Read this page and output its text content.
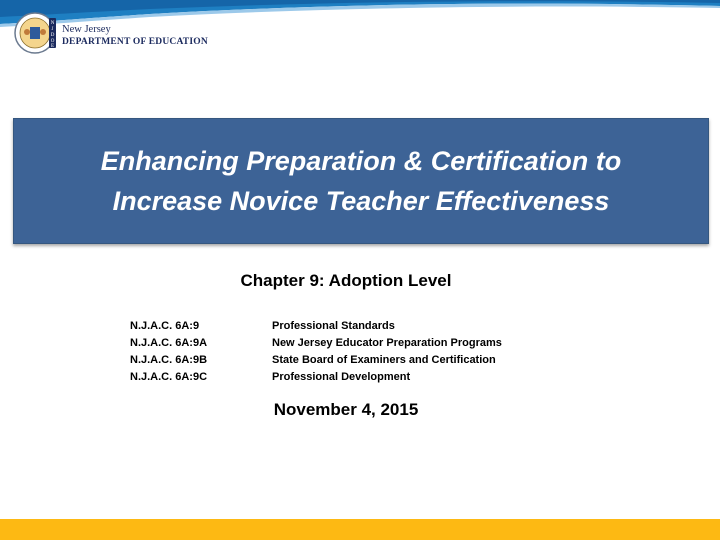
N
J
D
O
E
New Jersey
DEPARTMENT OF EDUCATION
Enhancing Preparation & Certification to
Increase Novice Teacher Effectiveness
Chapter 9: Adoption Level
N.J.A.C. 6A:9	Professional Standards
N.J.A.C. 6A:9A	New Jersey Educator Preparation Programs
N.J.A.C. 6A:9B	State Board of Examiners and Certification
N.J.A.C. 6A:9C	Professional Development
November 4, 2015
